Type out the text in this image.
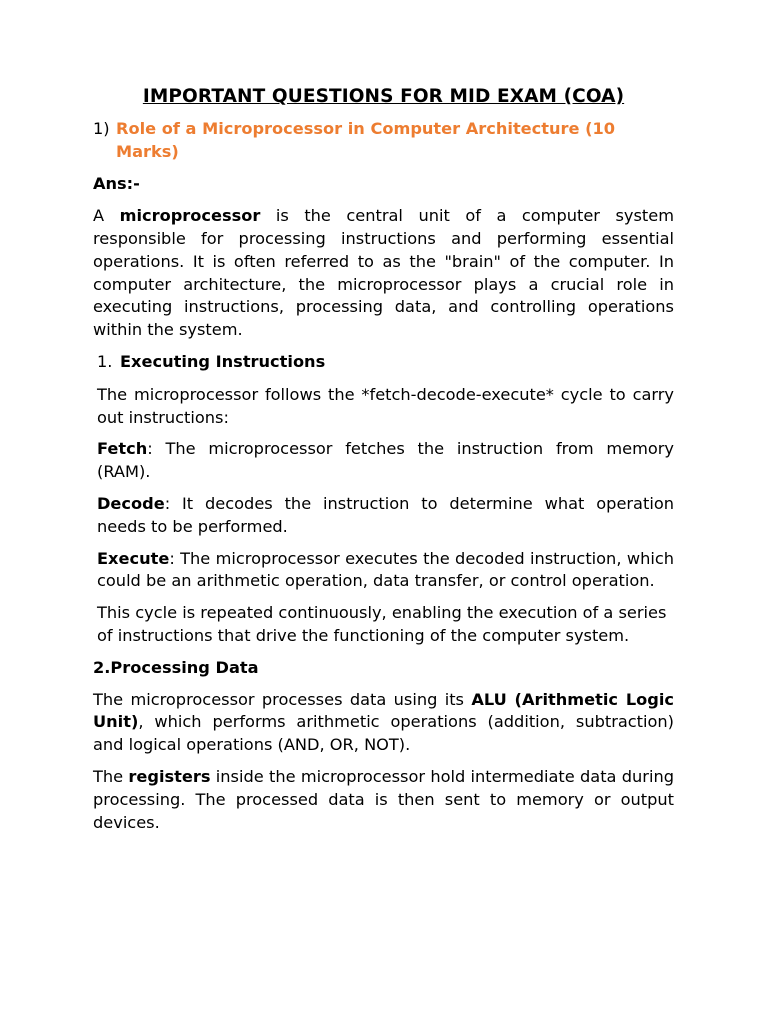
IMPORTANT QUESTIONS FOR MID EXAM (COA)
1) Role of a Microprocessor in Computer Architecture (10 Marks)
Ans:-

A microprocessor is the central unit of a computer system responsible for processing instructions and performing essential operations. It is often referred to as the "brain" of the computer. In computer architecture, the microprocessor plays a crucial role in executing instructions, processing data, and controlling operations within the system.

1. Executing Instructions

The microprocessor follows the *fetch-decode-execute* cycle to carry out instructions:

Fetch: The microprocessor fetches the instruction from memory (RAM).

Decode: It decodes the instruction to determine what operation needs to be performed.

Execute: The microprocessor executes the decoded instruction, which could be an arithmetic operation, data transfer, or control operation.

This cycle is repeated continuously, enabling the execution of a series of instructions that drive the functioning of the computer system.

2.Processing Data

The microprocessor processes data using its ALU (Arithmetic Logic Unit), which performs arithmetic operations (addition, subtraction) and logical operations (AND, OR, NOT).

The registers inside the microprocessor hold intermediate data during processing. The processed data is then sent to memory or output devices.
